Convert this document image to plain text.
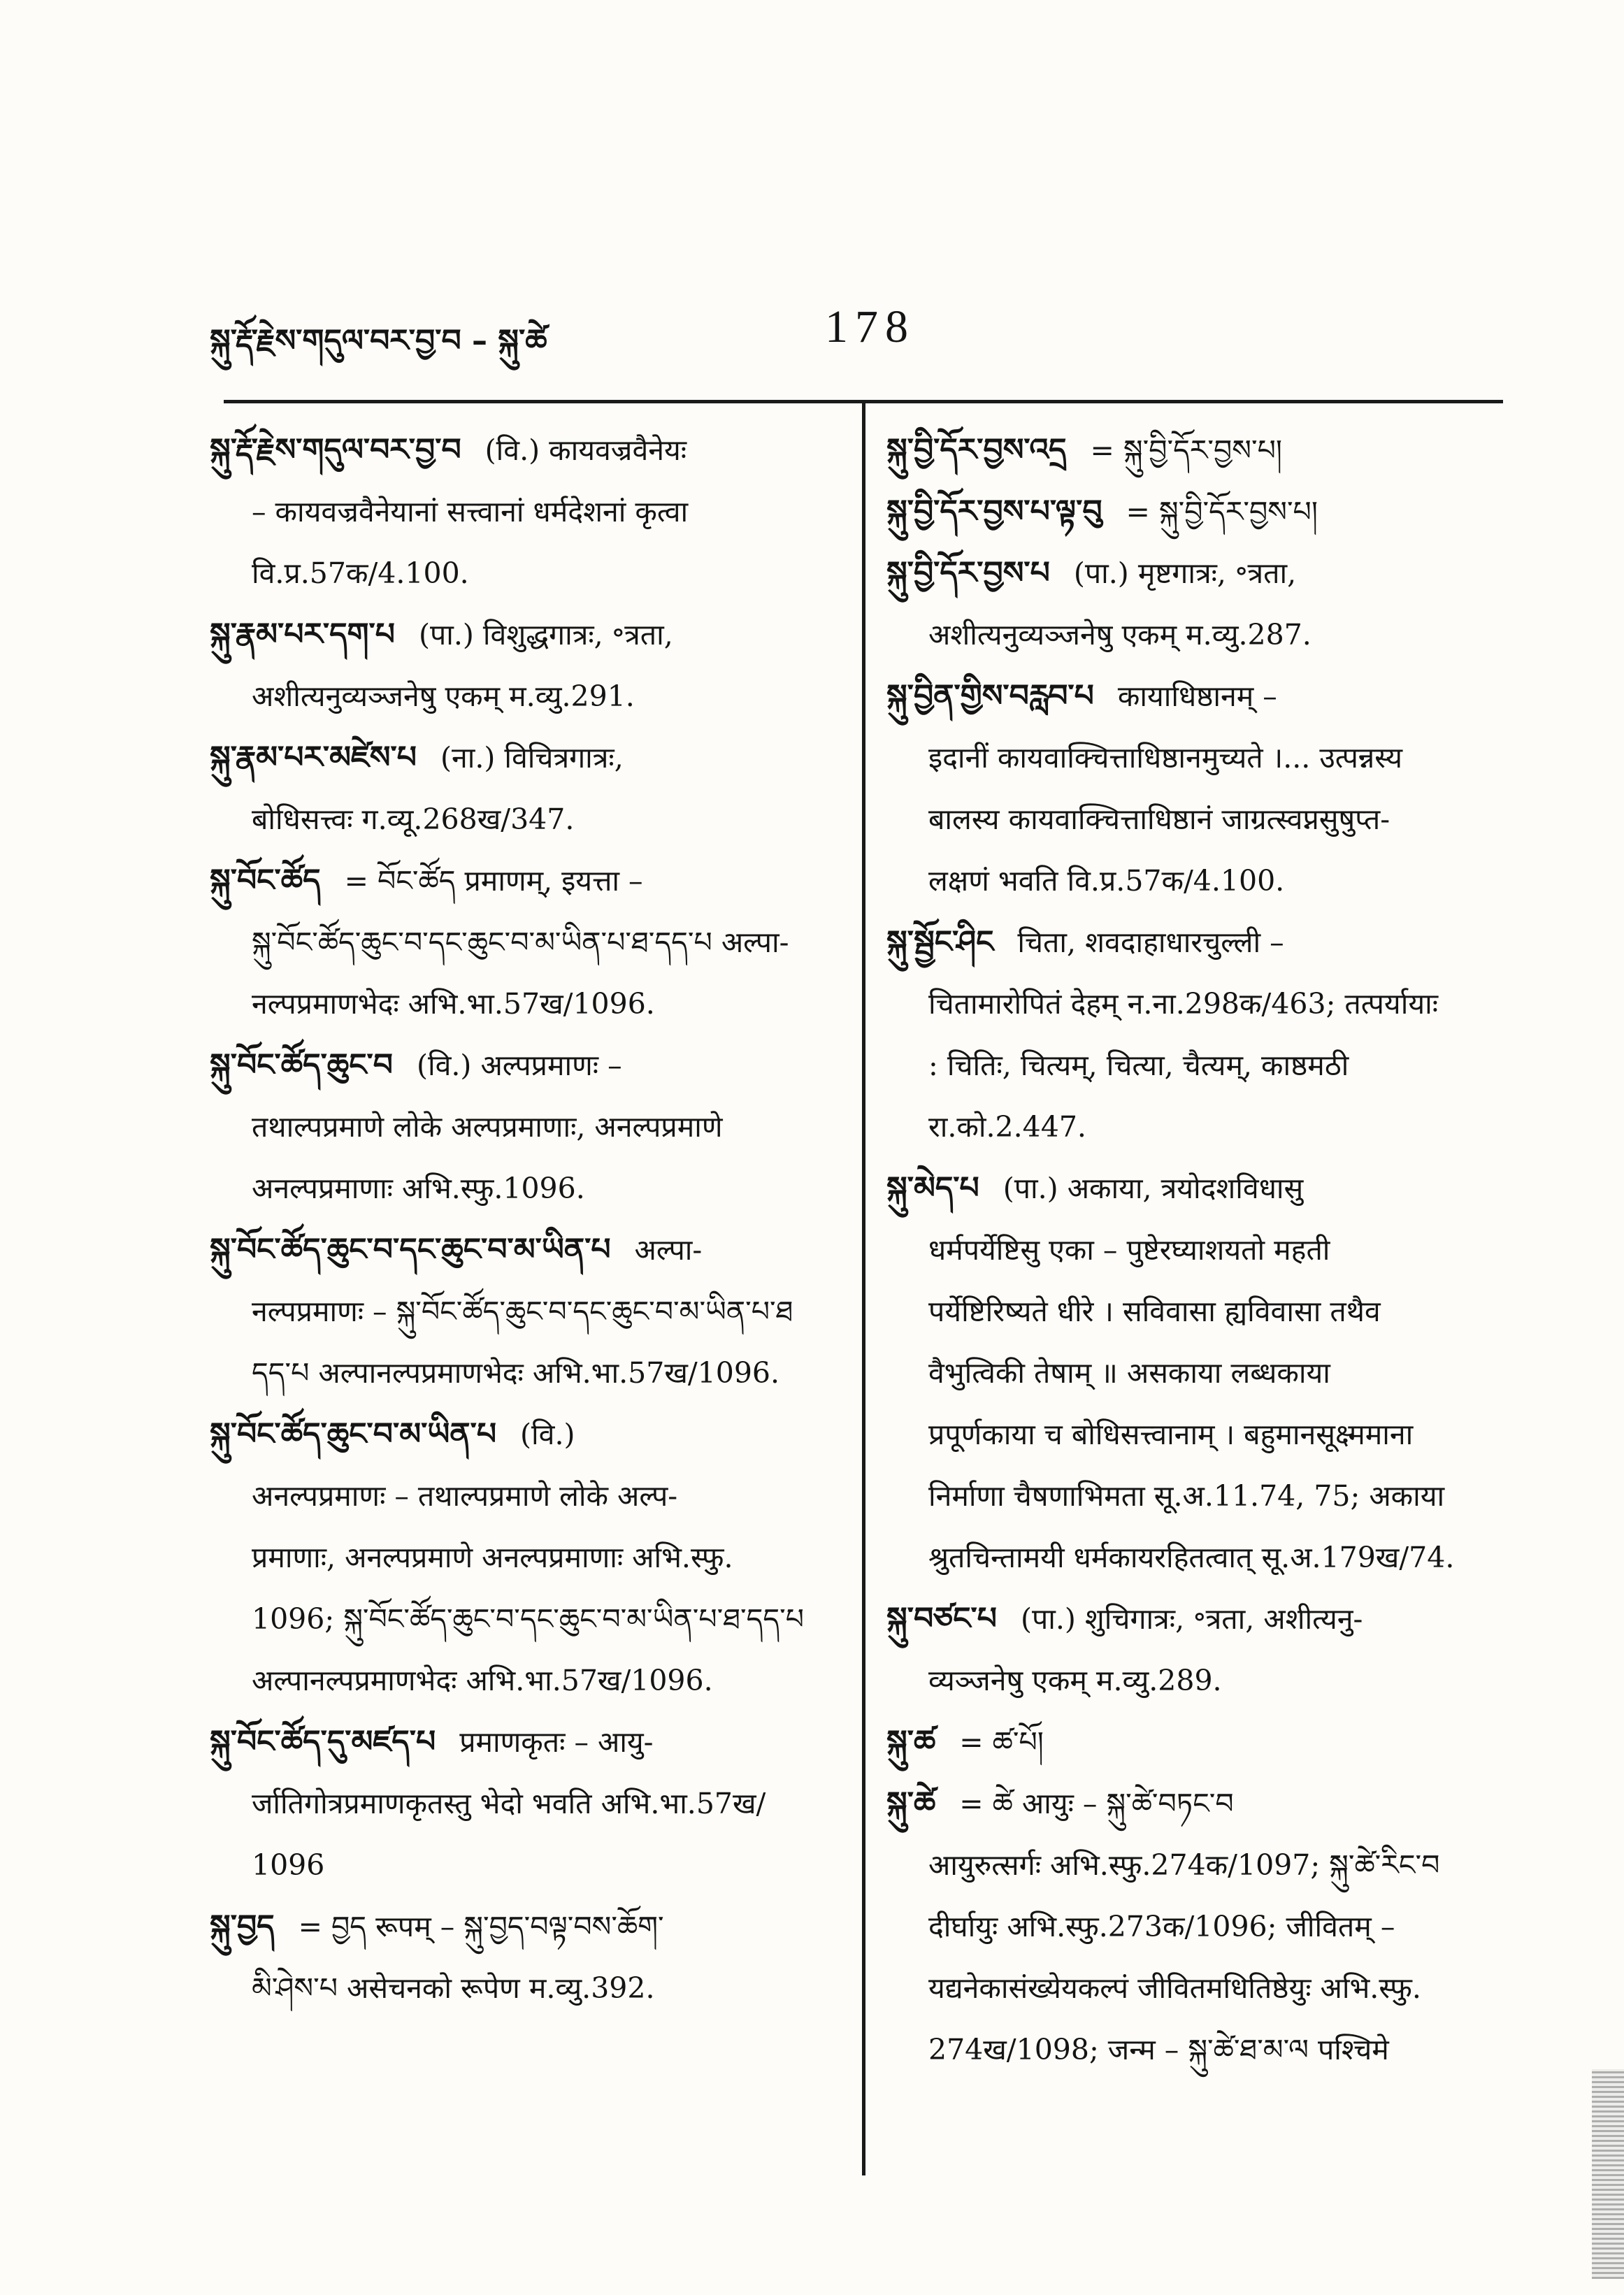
སྐུ་རྡོ་རྗེས་གདུལ་བར་བྱ་བ – སྐུ་ཚེ	178
སྐུ་རྡོ་རྗེས་གདུལ་བར་བྱ་བ (वि.) कायवज्रवैनेयः
– कायवज्रवैनेयानां सत्त्वानां धर्मदेशनां कृत्वा
वि.प्र.57क/4.100.
སྐུ་རྣམ་པར་དག་པ (पा.) विशुद्धगात्रः, ॰त्रता,
अशीत्यनुव्यञ्जनेषु एकम् म.व्यु.291.
སྐུ་རྣམ་པར་མཛེས་པ (ना.) विचित्रगात्रः,
बोधिसत्त्वः ग.व्यू.268ख/347.
སྐུ་བོང་ཚོད = བོང་ཚོད प्रमाणम्, इयत्ता –
སྐུ་བོང་ཚོད་ཆུང་བ་དང་ཆུང་བ་མ་ཡིན་པ་ཐ་དད་པ अल्पा-
नल्पप्रमाणभेदः अभि.भा.57ख/1096.
སྐུ་བོང་ཚོད་ཆུང་བ (वि.) अल्पप्रमाणः –
तथाल्पप्रमाणे लोके अल्पप्रमाणाः, अनल्पप्रमाणे
अनल्पप्रमाणाः अभि.स्फु.1096.
སྐུ་བོང་ཚོད་ཆུང་བ་དང་ཆུང་བ་མ་ཡིན་པ अल्पा-
नल्पप्रमाणः – སྐུ་བོང་ཚོད་ཆུང་བ་དང་ཆུང་བ་མ་ཡིན་པ་ཐ
དད་པ अल्पानल्पप्रमाणभेदः अभि.भा.57ख/1096.
སྐུ་བོང་ཚོད་ཆུང་བ་མ་ཡིན་པ (वि.)
अनल्पप्रमाणः – तथाल्पप्रमाणे लोके अल्प-
प्रमाणाः, अनल्पप्रमाणे अनल्पप्रमाणाः अभि.स्फु.
1096; སྐུ་བོང་ཚོད་ཆུང་བ་དང་ཆུང་བ་མ་ཡིན་པ་ཐ་དད་པ
अल्पानल्पप्रमाणभेदः अभि.भा.57ख/1096.
སྐུ་བོང་ཚོད་དུ་མཛད་པ प्रमाणकृतः – आयु-
र्जातिगोत्रप्रमाणकृतस्तु भेदो भवति अभि.भा.57ख/
1096
སྐུ་བྱད = བྱད रूपम् – སྐུ་བྱད་བལྟ་བས་ཆོག་
མི་ཤེས་པ असेचनको रूपेण म.व्यु.392.
སྐུ་བྱི་དོར་བྱས་འདྲ = སྐུ་བྱི་དོར་བྱས་པ།
སྐུ་བྱི་དོར་བྱས་པ་ལྟ་བུ = སྐུ་བྱི་དོར་བྱས་པ།
སྐུ་བྱི་དོར་བྱས་པ (पा.) मृष्टगात्रः, ॰त्रता,
अशीत्यनुव्यञ्जनेषु एकम् म.व्यु.287.
སྐུ་བྱིན་གྱིས་བརླབ་པ कायाधिष्ठानम् –
इदानीं कायवाक्चित्ताधिष्ठानमुच्यते ।... उत्पन्नस्य
बालस्य कायवाक्चित्ताधिष्ठानं जाग्रत्स्वप्नसुषुप्त-
लक्षणं भवति वि.प्र.57क/4.100.
སྐུ་སྦྱོང་ཤིང चिता, शवदाहाधारचुल्ली –
चितामारोपितं देहम् न.ना.298क/463; तत्पर्यायाः
: चितिः, चित्यम्, चित्या, चैत्यम्, काष्ठमठी
रा.को.2.447.
སྐུ་མེད་པ (पा.) अकाया, त्रयोदशविधासु
धर्मपर्येष्टिसु एका – पुष्टेरघ्याशयतो महती
पर्येष्टिरिष्यते धीरे । सविवासा ह्यविवासा तथैव
वैभुत्विकी तेषाम् ॥ असकाया लब्धकाया
प्रपूर्णकाया च बोधिसत्त्वानाम् । बहुमानसूक्ष्ममाना
निर्माणा चैषणाभिमता सू.अ.11.74, 75; अकाया
श्रुतचिन्तामयी धर्मकायरहितत्वात् सू.अ.179ख/74.
སྐུ་བཙང་པ (पा.) शुचिगात्रः, ॰त्रता, अशीत्यनु-
व्यञ्जनेषु एकम् म.व्यु.289.
སྐུ་ཚ = ཚ་པོ།
སྐུ་ཚེ = ཚེ आयुः – སྐུ་ཚེ་བཏང་བ
आयुरुत्सर्गः अभि.स्फु.274क/1097; སྐུ་ཚེ་རིང་བ
दीर्घायुः अभि.स्फु.273क/1096; जीवितम् –
यद्यनेकासंख्येयकल्पं जीवितमधितिष्ठेयुः अभि.स्फु.
274ख/1098; जन्म – སྐུ་ཚེ་ཐ་མ་ལ पश्चिमे
